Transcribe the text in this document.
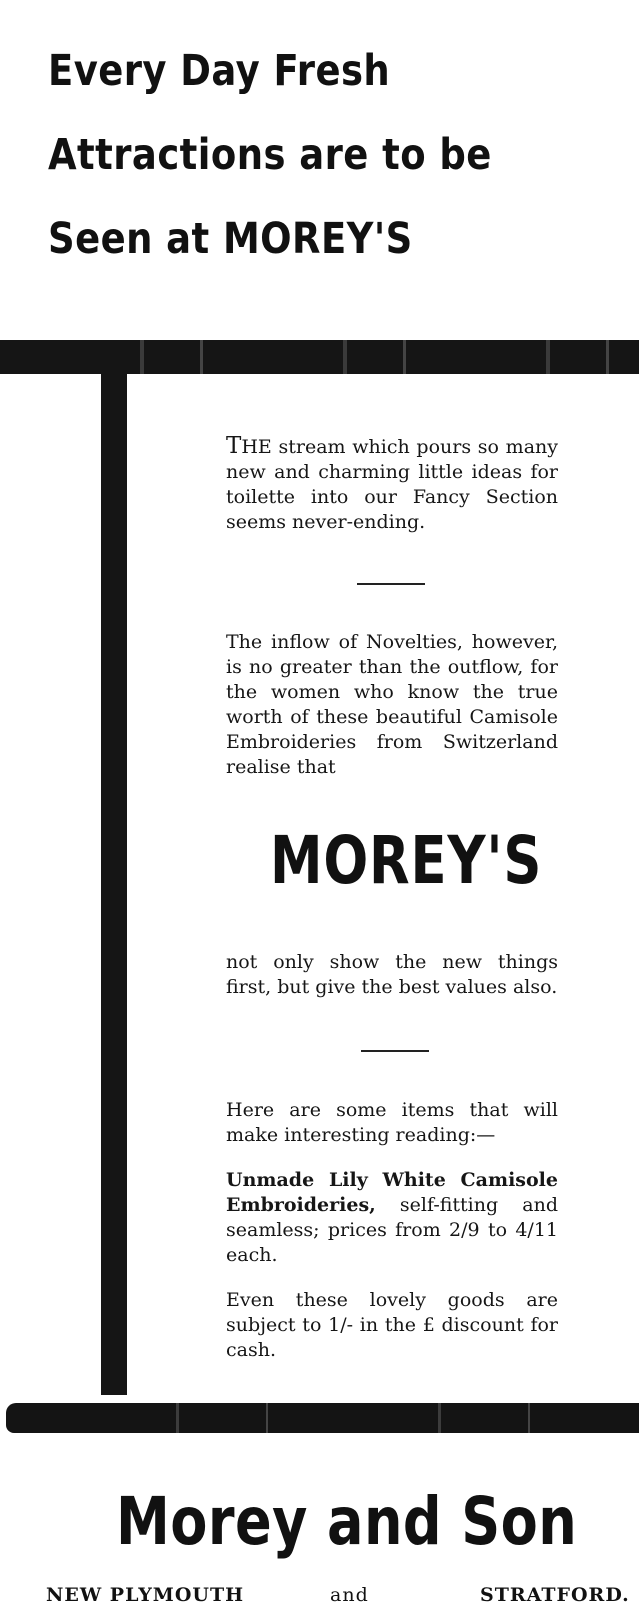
Every Day Fresh
Attractions are to be
Seen at MOREY'S
THE stream which pours so many new and charming little ideas for toilette into our Fancy Section seems never-ending.
The inflow of Novelties, however, is no greater than the outflow, for the women who know the true worth of these beautiful Camisole Embroideries from Switzerland realise that
MOREY'S
not only show the new things first, but give the best values also.
Here are some items that will make interesting reading:—
Unmade Lily White Camisole Embroideries, self-fitting and seamless; prices from 2/9 to 4/11 each.
Even these lovely goods are subject to 1/- in the £ discount for cash.
Morey and Son
NEW PLYMOUTH	and	STRATFORD.
